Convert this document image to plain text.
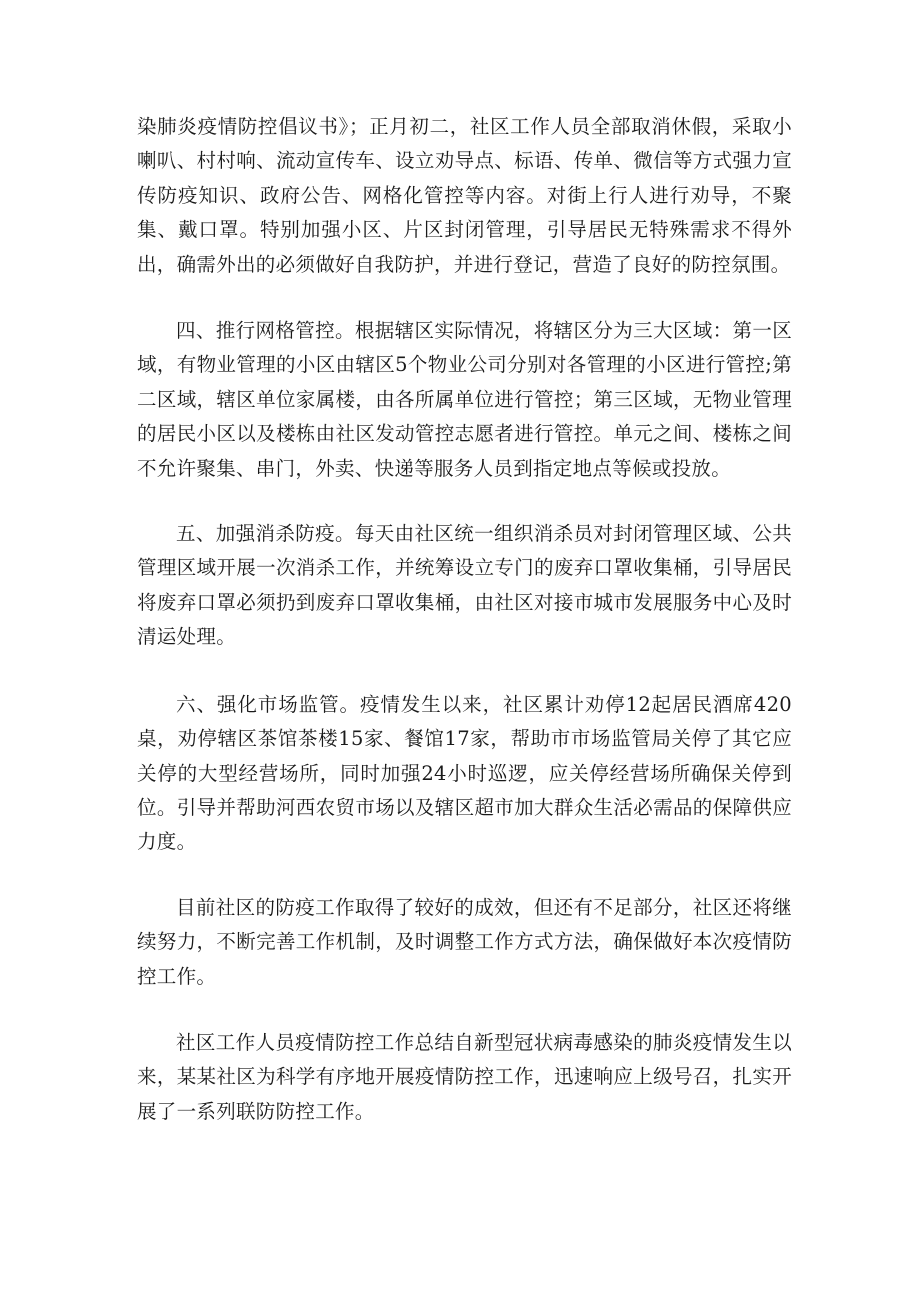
染肺炎疫情防控倡议书》；正月初二，社区工作人员全部取消休假，采取小喇叭、村村响、流动宣传车、设立劝导点、标语、传单、微信等方式强力宣传防疫知识、政府公告、网格化管控等内容。对街上行人进行劝导，不聚集、戴口罩。特别加强小区、片区封闭管理，引导居民无特殊需求不得外出，确需外出的必须做好自我防护，并进行登记，营造了良好的防控氛围。

四、推行网格管控。根据辖区实际情况，将辖区分为三大区域：第一区域，有物业管理的小区由辖区5个物业公司分别对各管理的小区进行管控;第二区域，辖区单位家属楼，由各所属单位进行管控；第三区域，无物业管理的居民小区以及楼栋由社区发动管控志愿者进行管控。单元之间、楼栋之间不允许聚集、串门，外卖、快递等服务人员到指定地点等候或投放。

五、加强消杀防疫。每天由社区统一组织消杀员对封闭管理区域、公共管理区域开展一次消杀工作，并统筹设立专门的废弃口罩收集桶，引导居民将废弃口罩必须扔到废弃口罩收集桶，由社区对接市城市发展服务中心及时清运处理。

六、强化市场监管。疫情发生以来，社区累计劝停12起居民酒席420桌，劝停辖区茶馆茶楼15家、餐馆17家，帮助市市场监管局关停了其它应关停的大型经营场所，同时加强24小时巡逻，应关停经营场所确保关停到位。引导并帮助河西农贸市场以及辖区超市加大群众生活必需品的保障供应力度。

目前社区的防疫工作取得了较好的成效，但还有不足部分，社区还将继续努力，不断完善工作机制，及时调整工作方式方法，确保做好本次疫情防控工作。

社区工作人员疫情防控工作总结自新型冠状病毒感染的肺炎疫情发生以来，某某社区为科学有序地开展疫情防控工作，迅速响应上级号召，扎实开展了一系列联防防控工作。
